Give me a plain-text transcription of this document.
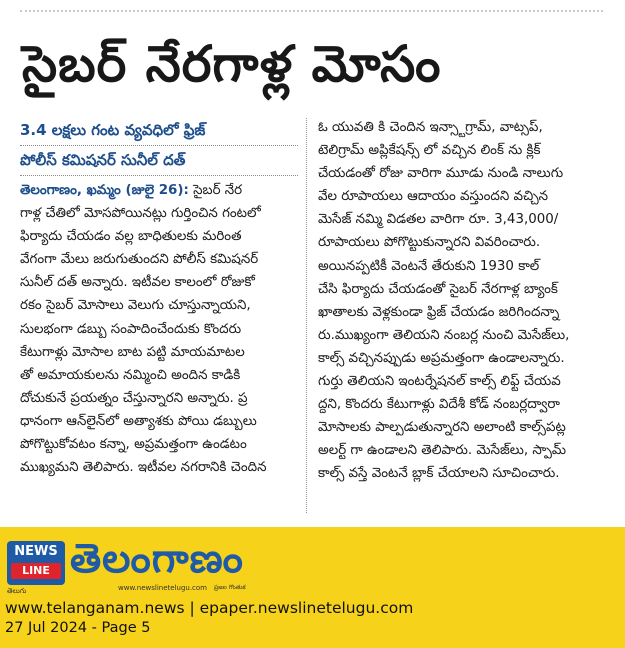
సైబర్ నేరగాళ్ల మోసం
3.4 లక్షలు గంట వ్యవధిలో ఫ్రిజ్
పోలీస్ కమిషనర్ సునీల్ దత్

తెలంగాణం, ఖమ్మం (జులై 26): సైబర్ నేర
గాళ్ల చేతిలో మోసపోయినట్లు గుర్తించిన గంటలో
ఫిర్యాదు చేయడం వల్ల బాధితులకు మరింత
వేగంగా మేలు జరుగుతుందని పోలీస్ కమిషనర్
సునీల్ దత్ అన్నారు. ఇటీవల కాలంలో రోజుకో
రకం సైబర్ మోసాలు వెలుగు చూస్తున్నాయని,
సులభంగా డబ్బు సంపాదించేందుకు కొందరు
కేటుగాళ్లు మోసాల బాట పట్టి మాయమాటల
తో అమాయకులను నమ్మించి అందిన కాడికి
దోచుకునే ప్రయత్నం చేస్తున్నారని అన్నారు. ప్ర
ధానంగా ఆన్‌లైన్‌లో అత్యాశకు పోయి డబ్బులు
పోగొట్టుకోవటం కన్నా, అప్రమత్తంగా ఉండటం
ముఖ్యమని తెలిపారు. ఇటీవల నగరానికి చెందిన

ఓ యువతి కి చెందిన ఇన్స్టాగ్రామ్, వాట్సప్,
టెలిగ్రామ్ అప్లికేషన్స్ లో వచ్చిన లింక్ ను క్లిక్
చేయడంతో రోజు వారిగా మూడు నుండి నాలుగు
వేల రూపాయలు ఆదాయం వస్తుందని వచ్చిన
మెసేజ్ నమ్మి విడతల వారిగా రూ. 3,43,000/
రూపాయలు పోగొట్టుకున్నారని వివరించారు.
అయినప్పటికీ వెంటనే తేరుకుని 1930 కాల్
చేసి ఫిర్యాదు చేయడంతో సైబర్ నేరగాళ్ల బ్యాంక్
ఖాతాలకు వెళ్లకుండా ఫ్రిజ్ చేయడం జరిగిందన్నా
రు.ముఖ్యంగా తెలియని నంబర్ల నుంచి మెసేజ్‌లు,
కాల్స్ వచ్చినప్పుడు అప్రమత్తంగా ఉండాలన్నారు.
గుర్తు తెలియని ఇంటర్నేషనల్ కాల్స్ లిఫ్ట్ చేయవ
ద్దని, కొందరు కేటుగాళ్లు విదేశీ కోడ్ నంబర్లద్వారా
మోసాలకు పాల్పడుతున్నారని అలాంటి కాల్స్‌పట్ల
అలర్ట్ గా ఉండాలని తెలిపారు. మెసేజ్‌లు, స్పామ్
కాల్స్ వస్తే వెంటనే బ్లాక్ చేయాలని సూచించారు.

NEWS
LINE
తెలుగు
తెలంగాణం
www.newslinetelugu.com ప్రజల గొంతుక
www.telanganam.news | epaper.newslinetelugu.com
27 Jul 2024 - Page 5
